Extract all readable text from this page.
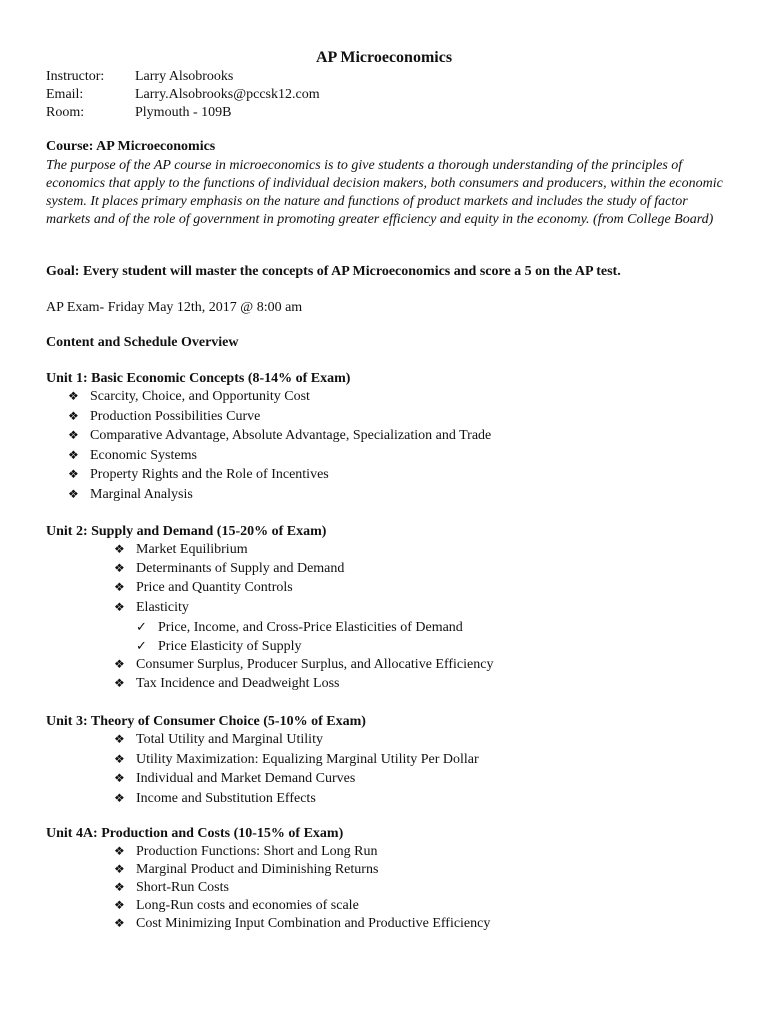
AP Microeconomics
Instructor: Larry Alsobrooks
Email:	Larry.Alsobrooks@pccsk12.com
Room:	Plymouth - 109B
Course: AP Microeconomics
The purpose of the AP course in microeconomics is to give students a thorough understanding of the principles of economics that apply to the functions of individual decision makers, both consumers and producers, within the economic system. It places primary emphasis on the nature and functions of product markets and includes the study of factor markets and of the role of government in promoting greater efficiency and equity in the economy. (from College Board)
Goal: Every student will master the concepts of AP Microeconomics and score a 5 on the AP test.
AP Exam- Friday May 12th, 2017 @ 8:00 am
Content and Schedule Overview
Unit 1: Basic Economic Concepts (8-14% of Exam)
❖ Scarcity, Choice, and Opportunity Cost
❖ Production Possibilities Curve
❖ Comparative Advantage, Absolute Advantage, Specialization and Trade
❖ Economic Systems
❖ Property Rights and the Role of Incentives
❖ Marginal Analysis
Unit 2: Supply and Demand (15-20% of Exam)
❖ Market Equilibrium
❖ Determinants of Supply and Demand
❖ Price and Quantity Controls
❖ Elasticity
✓ Price, Income, and Cross-Price Elasticities of Demand
✓ Price Elasticity of Supply
❖ Consumer Surplus, Producer Surplus, and Allocative Efficiency
❖ Tax Incidence and Deadweight Loss
Unit 3: Theory of Consumer Choice (5-10% of Exam)
❖ Total Utility and Marginal Utility
❖ Utility Maximization: Equalizing Marginal Utility Per Dollar
❖ Individual and Market Demand Curves
❖ Income and Substitution Effects
Unit 4A: Production and Costs (10-15% of Exam)
❖ Production Functions: Short and Long Run
❖ Marginal Product and Diminishing Returns
❖ Short-Run Costs
❖ Long-Run costs and economies of scale
❖ Cost Minimizing Input Combination and Productive Efficiency
